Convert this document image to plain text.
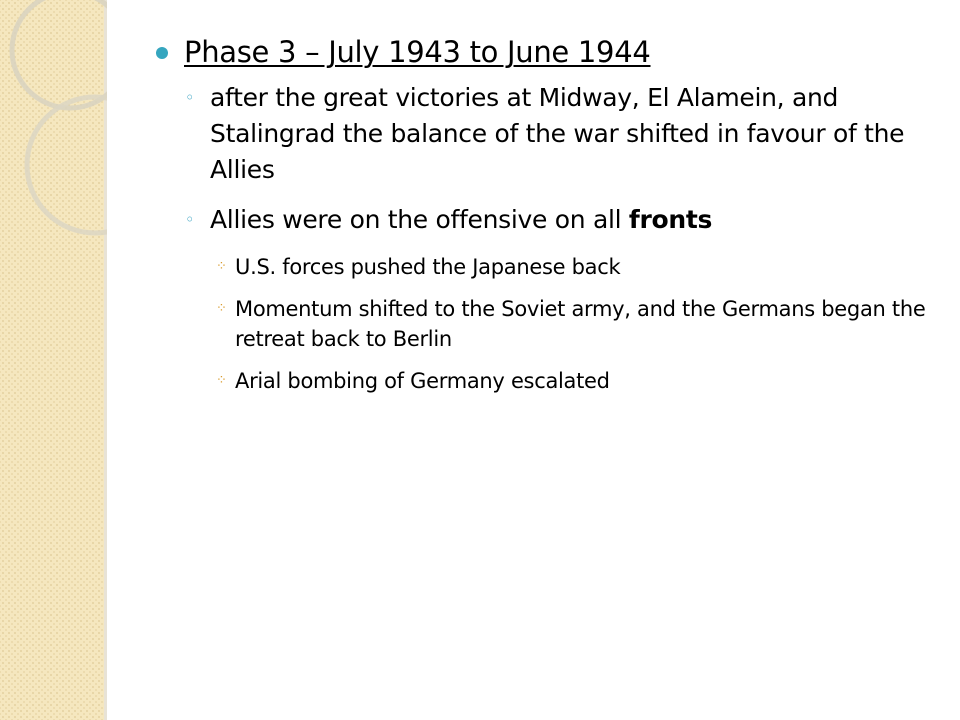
Phase 3 – July 1943 to June 1944
◦ after the great victories at Midway, El Alamein, and Stalingrad the balance of the war shifted in favour of the Allies
◦ Allies were on the offensive on all fronts
⁘ U.S. forces pushed the Japanese back
⁘ Momentum shifted to the Soviet army, and the Germans began the retreat back to Berlin
⁘ Arial bombing of Germany escalated
